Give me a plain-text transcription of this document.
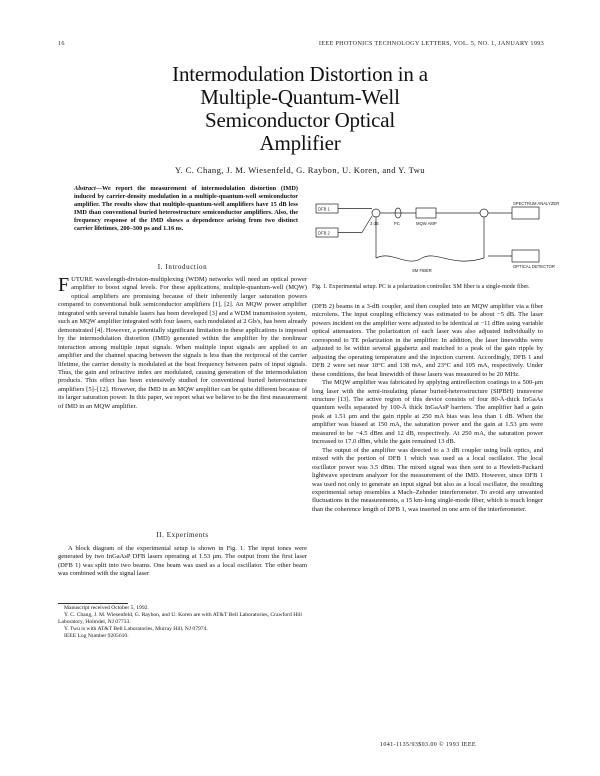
16	IEEE PHOTONICS TECHNOLOGY LETTERS, VOL. 5, NO. 1, JANUARY 1993
Intermodulation Distortion in a
Multiple-Quantum-Well
Semiconductor Optical
Amplifier
Y. C. Chang, J. M. Wiesenfeld, G. Raybon, U. Koren, and Y. Twu
Abstract—We report the measurement of intermodulation distortion (IMD) induced by carrier-density modulation in a multiple-quantum-well semiconductor amplifier. The results show that multiple-quantum-well amplifiers have 15 dB less IMD than conventional buried heterostructure semiconductor amplifiers. Also, the frequency response of the IMD shows a dependence arising from two distinct carrier lifetimes, 200–300 ps and 1.16 ns.
I. Introduction

FUTURE wavelength-division-multiplexing (WDM) networks will need an optical power amplifier to boost signal levels. For these applications, multiple-quantum-well (MQW) optical amplifiers are promising because of their inherently larger saturation powers compared to conventional bulk semiconductor amplifiers [1], [2]. An MQW power amplifier integrated with several tunable lasers has been developed [3] and a WDM transmission system, such an MQW amplifier integrated with four lasers, each modulated at 2 Gb/s, has been already demonstrated [4]. However, a potentially significant limitation in these applications is imposed by the intermodulation distortion (IMD) generated within the amplifier by the nonlinear interaction among multiple input signals. When multiple input signals are applied to an amplifier and the channel spacing between the signals is less than the reciprocal of the carrier lifetime, the carrier density is modulated at the beat frequency between pairs of input signals. Thus, the gain and refractive index are modulated, causing generation of the intermodulation products. This effect has been extensively studied for conventional buried heterostructure amplifiers [5]–[12]. However, the IMD in an MQW amplifier can be quite different because of its larger saturation power. In this paper, we report what we believe to be the first measurement of IMD in an MQW amplifier.

II. Experiments

A block diagram of the experimental setup is shown in Fig. 1. The input tones were generated by two InGaAsP DFB lasers operating at 1.53 μm. The output from the first laser (DFB 1) was split into two beams. One beam was used as a local oscillator. The other beam was combined with the signal laser

Manuscript received October 5, 1992.
Y. C. Chang, J. M. Wiesenfeld, G. Raybon, and U. Koren are with AT&T Bell Laboratories, Crawford Hill Laboratory, Holmdel, NJ 07733.
Y. Twu is with AT&T Bell Laboratories, Murray Hill, NJ 07974.
IEEE Log Number 9205610.
DFB 1
DFB 2
3 dB	PC	MQW AMP
SPECTRUM ANALYZER
OPTICAL DETECTOR
SM FIBER
Fig. 1. Experimental setup. PC is a polarization controller. SM fiber is a single-mode fiber.

(DFB 2) beams in a 3-dB coupler, and then coupled into an MQW amplifier via a fiber microlens. The input coupling efficiency was estimated to be about −5 dB. The laser powers incident on the amplifier were adjusted to be identical at −11 dBm using variable optical attenuators. The polarization of each laser was also adjusted individually to correspond to TE polarization in the amplifier. In addition, the laser linewidths were adjusted to be within several gigahertz and matched to a peak of the gain ripple by adjusting the operating temperature and the injection current. Accordingly, DFB 1 and DFB 2 were set near 18°C and 138 mA, and 23°C and 105 mA, respectively. Under these conditions, the beat linewidth of these lasers was measured to be 20 MHz.

The MQW amplifier was fabricated by applying antireflection coatings to a 500-μm long laser with the semi-insulating planar buried-heterostructure (SIPBH) transverse structure [13]. The active region of this device consists of four 80-Å-thick InGaAs quantum wells separated by 100-Å thick InGaAsP barriers. The amplifier had a gain peak at 1.51 μm and the gain ripple at 250 mA bias was less than 1 dB. When the amplifier was biased at 150 mA, the saturation power and the gain at 1.53 μm were measured to be −4.5 dBm and 12 dB, respectively. At 250 mA, the saturation power increased to 17.0 dBm, while the gain remained 13 dB.

The output of the amplifier was directed to a 3 dB coupler using bulk optics, and mixed with the portion of DFB 1 which was used as a local oscillator. The local oscillator power was 3.5 dBm. The mixed signal was then sent to a Hewlett-Packard lightwave spectrum analyzer for the measurement of the IMD. However, since DFB 1 was used not only to generate an input signal but also as a local oscillator, the resulting experimental setup resembles a Mach–Zehnder interferometer. To avoid any unwanted fluctuations in the measurements, a 15 km-long single-mode fiber, which is much longer than the coherence length of DFB 1, was inserted in one arm of the interferometer.

1041-1135/93$03.00 © 1993 IEEE
